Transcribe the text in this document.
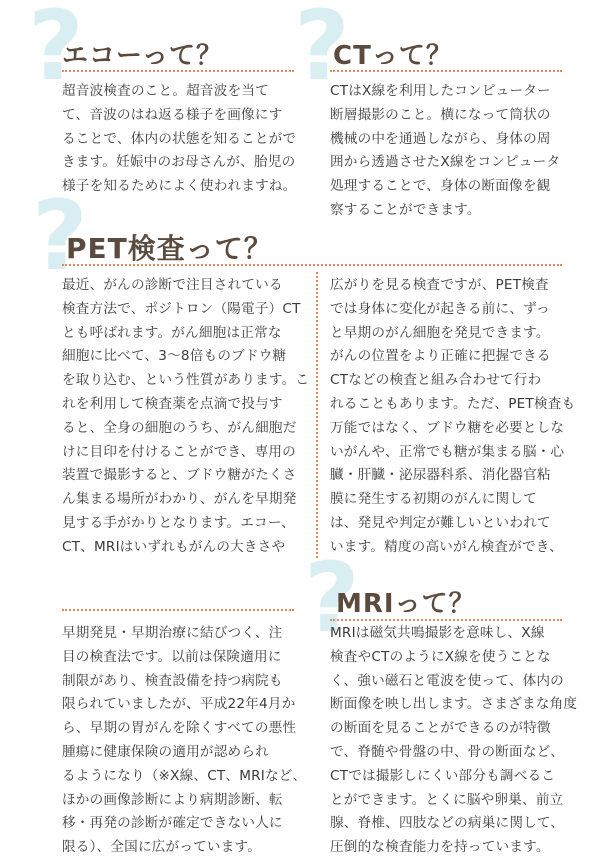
? ?
?
?
エコーって？
超音波検査のこと。超音波を当て
て、音波のはね返る様子を画像にす
ることで、体内の状態を知ることがで
きます。妊娠中のお母さんが、胎児の
様子を知るためによく使われますね。
CTって？
CTはX線を利用したコンピューター
断層撮影のこと。横になって筒状の
機械の中を通過しながら、身体の周
囲から透過させたX線をコンピュータ
処理することで、身体の断面像を観
察することができます。
PET検査って？
最近、がんの診断で注目されている
検査方法で、ポジトロン（陽電子）CT
とも呼ばれます。がん細胞は正常な
細胞に比べて、3〜8倍ものブドウ糖
を取り込む、という性質があります。こ
れを利用して検査薬を点滴で投与す
ると、全身の細胞のうち、がん細胞だ
けに目印を付けることができ、専用の
装置で撮影すると、ブドウ糖がたくさ
ん集まる場所がわかり、がんを早期発
見する手がかりとなります。エコー、
CT、MRIはいずれもがんの大きさや
広がりを見る検査ですが、PET検査
では身体に変化が起きる前に、ずっ
と早期のがん細胞を発見できます。
がんの位置をより正確に把握できる
CTなどの検査と組み合わせて行わ
れることもあります。ただ、PET検査も
万能ではなく、ブドウ糖を必要としな
いがんや、正常でも糖が集まる脳・心
臓・肝臓・泌尿器科系、消化器官粘
膜に発生する初期のがんに関して
は、発見や判定が難しいといわれて
います。精度の高いがん検査ができ、
早期発見・早期治療に結びつく、注
目の検査法です。以前は保険適用に
制限があり、検査設備を持つ病院も
限られていましたが、平成22年4月か
ら、早期の胃がんを除くすべての悪性
腫瘍に健康保険の適用が認められ
るようになり（※X線、CT、MRIなど、
ほかの画像診断により病期診断、転
移・再発の診断が確定できない人に
限る）、全国に広がっています。
MRIって？
MRIは磁気共鳴撮影を意味し、X線
検査やCTのようにX線を使うことな
く、強い磁石と電波を使って、体内の
断面像を映し出します。さまざまな角度
の断面を見ることができるのが特徴
で、脊髄や骨盤の中、骨の断面など、
CTでは撮影しにくい部分も調べるこ
とができます。とくに脳や卵巣、前立
腺、脊椎、四肢などの病巣に関して、
圧倒的な検査能力を持っています。
